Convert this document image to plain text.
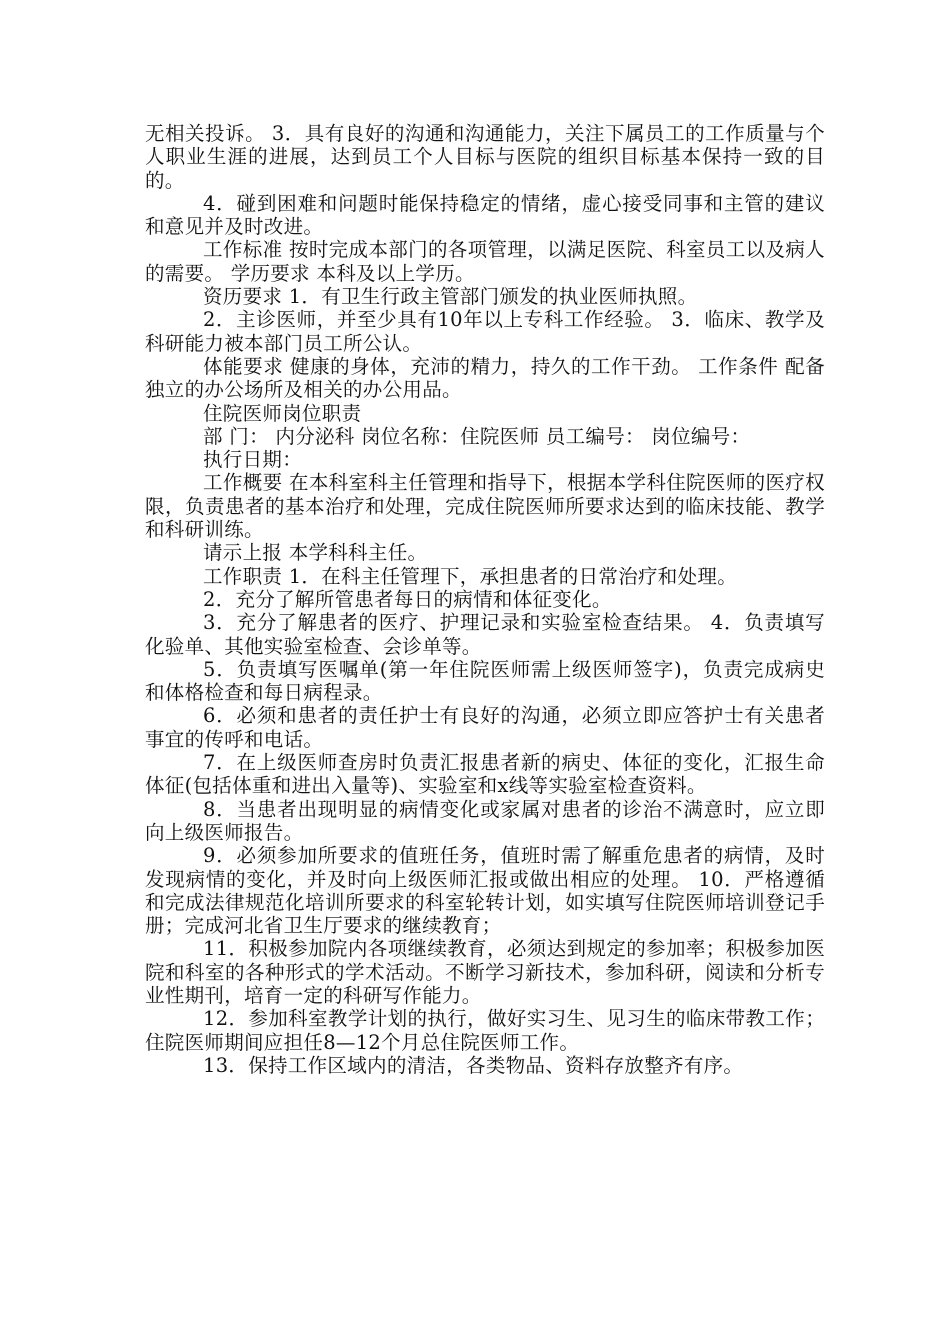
无相关投诉。 3．具有良好的沟通和沟通能力，关注下属员工的工作质量与个人职业生涯的进展，达到员工个人目标与医院的组织目标基本保持一致的目的。

4．碰到困难和问题时能保持稳定的情绪，虚心接受同事和主管的建议和意见并及时改进。

工作标准 按时完成本部门的各项管理，以满足医院、科室员工以及病人的需要。 学历要求 本科及以上学历。

资历要求 1．有卫生行政主管部门颁发的执业医师执照。

2．主诊医师，并至少具有10年以上专科工作经验。 3．临床、教学及科研能力被本部门员工所公认。

体能要求 健康的身体，充沛的精力，持久的工作干劲。 工作条件 配备独立的办公场所及相关的办公用品。

住院医师岗位职责

部 门： 内分泌科 岗位名称：住院医师 员工编号： 岗位编号：

执行日期：

工作概要 在本科室科主任管理和指导下，根据本学科住院医师的医疗权限，负责患者的基本治疗和处理，完成住院医师所要求达到的临床技能、教学和科研训练。

请示上报 本学科科主任。

工作职责 1．在科主任管理下，承担患者的日常治疗和处理。

2．充分了解所管患者每日的病情和体征变化。

3．充分了解患者的医疗、护理记录和实验室检查结果。 4．负责填写化验单、其他实验室检查、会诊单等。

5．负责填写医嘱单(第一年住院医师需上级医师签字)，负责完成病史和体格检查和每日病程录。

6．必须和患者的责任护士有良好的沟通，必须立即应答护士有关患者事宜的传呼和电话。

7．在上级医师查房时负责汇报患者新的病史、体征的变化，汇报生命体征(包括体重和进出入量等)、实验室和x线等实验室检查资料。

8．当患者出现明显的病情变化或家属对患者的诊治不满意时，应立即向上级医师报告。

9．必须参加所要求的值班任务，值班时需了解重危患者的病情，及时发现病情的变化，并及时向上级医师汇报或做出相应的处理。 10．严格遵循和完成法律规范化培训所要求的科室轮转计划，如实填写住院医师培训登记手册；完成河北省卫生厅要求的继续教育；

11．积极参加院内各项继续教育，必须达到规定的参加率；积极参加医院和科室的各种形式的学术活动。不断学习新技术，参加科研，阅读和分析专业性期刊，培育一定的科研写作能力。

12．参加科室教学计划的执行，做好实习生、见习生的临床带教工作；住院医师期间应担任8—12个月总住院医师工作。

13．保持工作区域内的清洁，各类物品、资料存放整齐有序。
